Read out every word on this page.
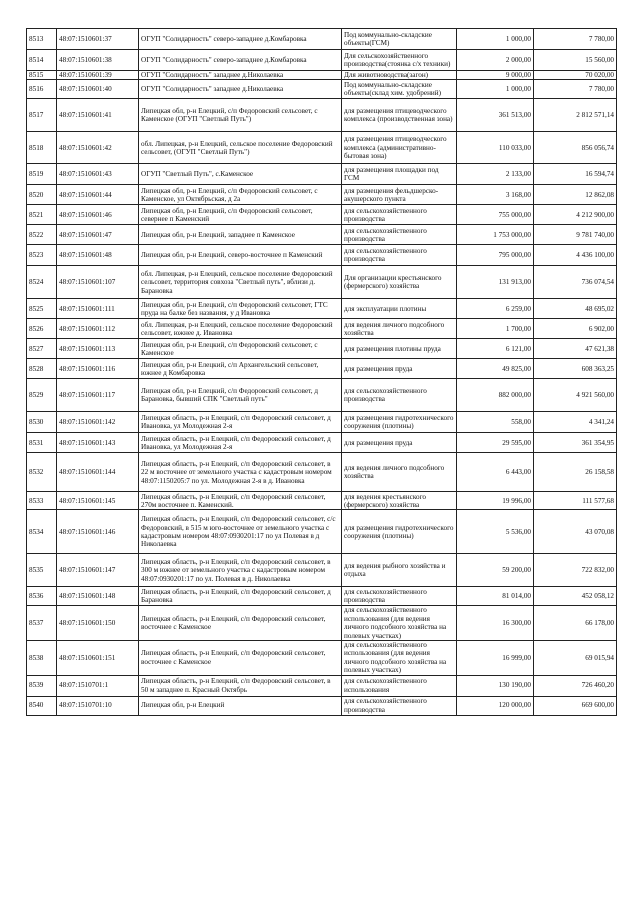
8513	48:07:1510601:37	ОГУП "Солидарность" северо-западнее д.Комбаровка	Под коммунально-складские объекты(ГСМ)	1 000,00	7 780,00
8514	48:07:1510601:38	ОГУП "Солидарность" северо-западнее д.Комбаровка	Для сельскохозяйственного производства(стоянка с/х техники)	2 000,00	15 560,00
8515	48:07:1510601:39	ОГУП "Солидарность" западнее д.Николаевка	Для животноводства(загон)	9 000,00	70 020,00
8516	48:07:1510601:40	ОГУП "Солидарность" западнее д.Николаевка	Под коммунально-складские объекты(склад хим. удобрений)	1 000,00	7 780,00
8517	48:07:1510601:41	Липецкая обл, р-н Елецкий, с/п Федоровский сельсовет, с Каменское (ОГУП "Светлый Путь")	для размещения птицеводческого комплекса (производственная зона)	361 513,00	2 812 571,14
8518	48:07:1510601:42	обл. Липецкая, р-н Елецкий, сельское поселение Федоровский сельсовет, (ОГУП "Светлый Путь")	для размещения птицеводческого комплекса (административно-бытовая зона)	110 033,00	856 056,74
8519	48:07:1510601:43	ОГУП "Светлый Путь", с.Каменское	для размещения площадки под ГСМ	2 133,00	16 594,74
8520	48:07:1510601:44	Липецкая обл, р-н Елецкий, с/п Федоровский сельсовет, с Каменское, ул Октябрьская, д 2а	для размещения фельдшерско-акушерского пункта	3 168,00	12 862,08
8521	48:07:1510601:46	Липецкая обл, р-н Елецкий, с/п Федоровский сельсовет, севернее п Каменский	для сельскохозяйственного производства	755 000,00	4 212 900,00
8522	48:07:1510601:47	Липецкая обл, р-н Елецкий, западнее п Каменское	для сельскохозяйственного производства	1 753 000,00	9 781 740,00
8523	48:07:1510601:48	Липецкая обл, р-н Елецкий, северо-восточнее п Каменский	для сельскохозяйственного производства	795 000,00	4 436 100,00
8524	48:07:1510601:107	обл. Липецкая, р-н Елецкий, сельское поселение Федоровский сельсовет, территория совхоза "Светлый путь", вблизи д. Барановка	Для организации крестьянского (фермерского) хозяйства	131 913,00	736 074,54
8525	48:07:1510601:111	Липецкая обл, р-н Елецкий, с/п Федоровский сельсовет, ГТС пруда на балке без названия, у д Ивановка	для эксплуатации плотины	6 259,00	48 695,02
8526	48:07:1510601:112	обл. Липецкая, р-н Елецкий, сельское поселение Федоровский сельсовет, южнее д. Ивановка	для ведения личного подсобного хозяйства	1 700,00	6 902,00
8527	48:07:1510601:113	Липецкая обл, р-н Елецкий, с/п Федоровский сельсовет, с Каменское	для размещения плотины пруда	6 121,00	47 621,38
8528	48:07:1510601:116	Липецкая обл, р-н Елецкий, с/п Архангельский сельсовет, южнее д Комбаровка	для размещения пруда	49 825,00	608 363,25
8529	48:07:1510601:117	Липецкая обл, р-н Елецкий, с/п Федоровский сельсовет, д Барановка, бывший СПК "Светлый путь"	для сельскохозяйственного производства	882 000,00	4 921 560,00
8530	48:07:1510601:142	Липецкая область, р-н Елецкий, с/п Федоровский сельсовет, д Ивановка, ул Молодежная 2-я	для размещения гидротехнического сооружения (плотины)	558,00	4 341,24
8531	48:07:1510601:143	Липецкая область, р-н Елецкий, с/п Федоровский сельсовет, д Ивановка, ул Молодежная 2-я	для размещения пруда	29 595,00	361 354,95
8532	48:07:1510601:144	Липецкая область, р-н Елецкий, с/п Федоровский сельсовет, в 22 м восточнее от земельного участка с кадастровым номером 48:07:1150205:7 по ул. Молодежная 2-я в д. Ивановка	для ведения личного подсобного хозяйства	6 443,00	26 158,58
8533	48:07:1510601:145	Липецкая область, р-н Елецкий, с/п Федоровский сельсовет, 270м восточнее п. Каменский.	для ведения крестьянского (фермерского) хозяйства	19 996,00	111 577,68
8534	48:07:1510601:146	Липецкая область, р-н Елецкий, с/п Федоровский сельсовет, с/с Федоровский, в 515 м юго-восточнее от земельного участка с кадастровым номером 48:07:0930201:17 по ул Полевая в д Николаевка	для размещения гидротехнического сооружения (плотины)	5 536,00	43 070,08
8535	48:07:1510601:147	Липецкая область, р-н Елецкий, с/п Федоровский сельсовет, в 300 м южнее от земельного участка с кадастровым номером 48:07:0930201:17 по ул. Полевая в д. Николаевка	для ведения рыбного хозяйства и отдыха	59 200,00	722 832,00
8536	48:07:1510601:148	Липецкая область, р-н Елецкий, с/п Федоровский сельсовет, д Барановка	для сельскохозяйственного производства	81 014,00	452 058,12
8537	48:07:1510601:150	Липецкая область, р-н Елецкий, с/п Федоровский сельсовет, восточнее с Каменское	для сельскохозяйственного использования (для ведения личного подсобного хозяйства на полевых участках)	16 300,00	66 178,00
8538	48:07:1510601:151	Липецкая область, р-н Елецкий, с/п Федоровский сельсовет, восточнее с Каменское	для сельскохозяйственного использования (для ведения личного подсобного хозяйства на полевых участках)	16 999,00	69 015,94
8539	48:07:1510701:1	Липецкая область, р-н Елецкий, с/п Федоровский сельсовет, в 50 м западнее п. Красный Октябрь	для сельскохозяйственного использования	130 190,00	726 460,20
8540	48:07:1510701:10	Липецкая обл, р-н Елецкий	для сельскохозяйственного производства	120 000,00	669 600,00
